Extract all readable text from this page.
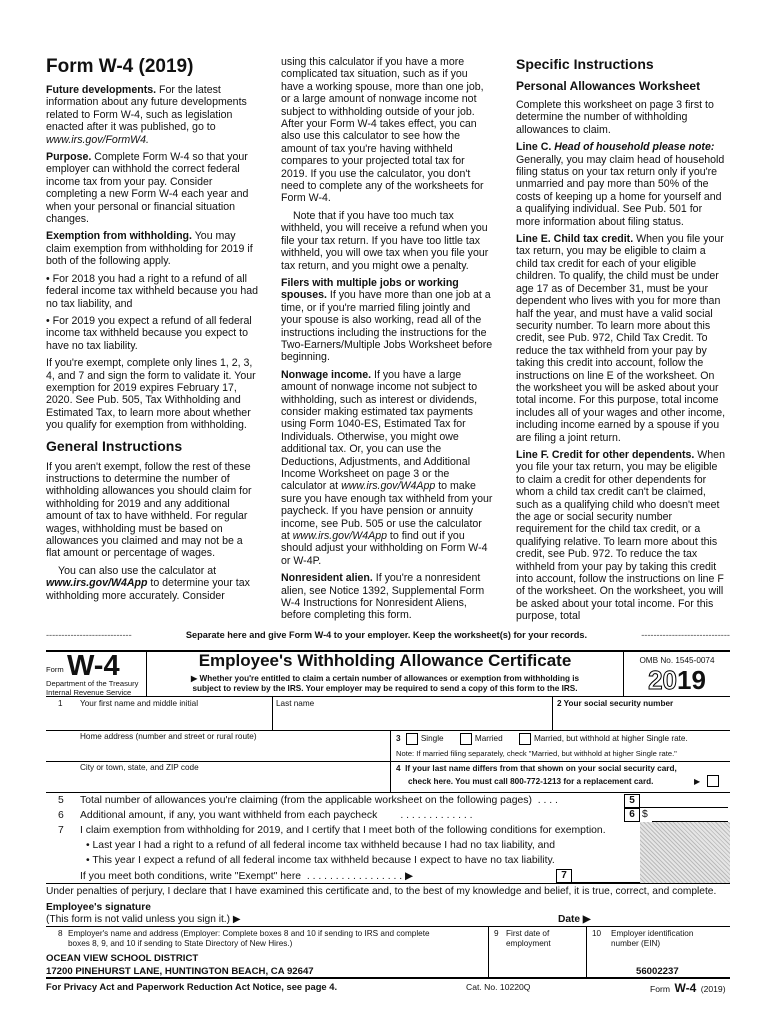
Form W-4 (2019)

Future developments. For the latest information about any future developments related to Form W-4, such as legislation enacted after it was published, go to www.irs.gov/FormW4.

Purpose. Complete Form W-4 so that your employer can withhold the correct federal income tax from your pay. Consider completing a new Form W-4 each year and when your personal or financial situation changes.

Exemption from withholding. You may claim exemption from withholding for 2019 if both of the following apply.

• For 2018 you had a right to a refund of all federal income tax withheld because you had no tax liability, and

• For 2019 you expect a refund of all federal income tax withheld because you expect to have no tax liability.

If you're exempt, complete only lines 1, 2, 3, 4, and 7 and sign the form to validate it. Your exemption for 2019 expires February 17, 2020. See Pub. 505, Tax Withholding and Estimated Tax, to learn more about whether you qualify for exemption from withholding.

General Instructions

If you aren't exempt, follow the rest of these instructions to determine the number of withholding allowances you should claim for withholding for 2019 and any additional amount of tax to have withheld. For regular wages, withholding must be based on allowances you claimed and may not be a flat amount or percentage of wages.

You can also use the calculator at www.irs.gov/W4App to determine your tax withholding more accurately. Consider

using this calculator if you have a more complicated tax situation, such as if you have a working spouse, more than one job, or a large amount of nonwage income not subject to withholding outside of your job. After your Form W-4 takes effect, you can also use this calculator to see how the amount of tax you're having withheld compares to your projected total tax for 2019. If you use the calculator, you don't need to complete any of the worksheets for Form W-4.

Note that if you have too much tax withheld, you will receive a refund when you file your tax return. If you have too little tax withheld, you will owe tax when you file your tax return, and you might owe a penalty.

Filers with multiple jobs or working spouses. If you have more than one job at a time, or if you're married filing jointly and your spouse is also working, read all of the instructions including the instructions for the Two-Earners/Multiple Jobs Worksheet before beginning.

Nonwage income. If you have a large amount of nonwage income not subject to withholding, such as interest or dividends, consider making estimated tax payments using Form 1040-ES, Estimated Tax for Individuals. Otherwise, you might owe additional tax. Or, you can use the Deductions, Adjustments, and Additional Income Worksheet on page 3 or the calculator at www.irs.gov/W4App to make sure you have enough tax withheld from your paycheck. If you have pension or annuity income, see Pub. 505 or use the calculator at www.irs.gov/W4App to find out if you should adjust your withholding on Form W-4 or W-4P.

Nonresident alien. If you're a nonresident alien, see Notice 1392, Supplemental Form W-4 Instructions for Nonresident Aliens, before completing this form.

Specific Instructions
Personal Allowances Worksheet

Complete this worksheet on page 3 first to determine the number of withholding allowances to claim.

Line C. Head of household please note: Generally, you may claim head of household filing status on your tax return only if you're unmarried and pay more than 50% of the costs of keeping up a home for yourself and a qualifying individual. See Pub. 501 for more information about filing status.

Line E. Child tax credit. When you file your tax return, you may be eligible to claim a child tax credit for each of your eligible children. To qualify, the child must be under age 17 as of December 31, must be your dependent who lives with you for more than half the year, and must have a valid social security number. To learn more about this credit, see Pub. 972, Child Tax Credit. To reduce the tax withheld from your pay by taking this credit into account, follow the instructions on line E of the worksheet. On the worksheet you will be asked about your total income. For this purpose, total income includes all of your wages and other income, including income earned by a spouse if you are filing a joint return.

Line F. Credit for other dependents. When you file your tax return, you may be eligible to claim a credit for other dependents for whom a child tax credit can't be claimed, such as a qualifying child who doesn't meet the age or social security number requirement for the child tax credit, or a qualifying relative. To learn more about this credit, see Pub. 972. To reduce the tax withheld from your pay by taking this credit into account, follow the instructions on line F of the worksheet. On the worksheet, you will be asked about your total income. For this purpose, total

----------------------------	Separate here and give Form W-4 to your employer. Keep the worksheet(s) for your records.	-----------------------------
Form W-4
Department of the Treasury
Internal Revenue Service
Employee's Withholding Allowance Certificate
▶ Whether you're entitled to claim a certain number of allowances or exemption from withholding is
subject to review by the IRS. Your employer may be required to send a copy of this form to the IRS.
OMB No. 1545-0074
2019
1 Your first name and middle initial	Last name	2 Your social security number
Home address (number and street or rural route)	3 Single	Married	Married, but withhold at higher Single rate.
Note: If married filing separately, check "Married, but withhold at higher Single rate."
City or town, state, and ZIP code	4 If your last name differs from that shown on your social security card,
check here. You must call 800-772-1213 for a replacement card.	▶
5 Total number of allowances you're claiming (from the applicable worksheet on the following pages) . . . .	5
6 Additional amount, if any, you want withheld from each paycheck . . . . . . . . . . . . .	6 $
7 I claim exemption from withholding for 2019, and I certify that I meet both of the following conditions for exemption.
• Last year I had a right to a refund of all federal income tax withheld because I had no tax liability, and
• This year I expect a refund of all federal income tax withheld because I expect to have no tax liability.
If you meet both conditions, write "Exempt" here . . . . . . . . . . . . . . . . . ▶	7
Under penalties of perjury, I declare that I have examined this certificate and, to the best of my knowledge and belief, it is true, correct, and complete.
Employee's signature
(This form is not valid unless you sign it.) ▶	Date ▶
8 Employer's name and address (Employer: Complete boxes 8 and 10 if sending to IRS and complete
boxes 8, 9, and 10 if sending to State Directory of New Hires.)
OCEAN VIEW SCHOOL DISTRICT
17200 PINEHURST LANE, HUNTINGTON BEACH, CA 92647
9 First date of
employment
10 Employer identification
number (EIN)
56002237
For Privacy Act and Paperwork Reduction Act Notice, see page 4.	Cat. No. 10220Q	Form W-4 (2019)
